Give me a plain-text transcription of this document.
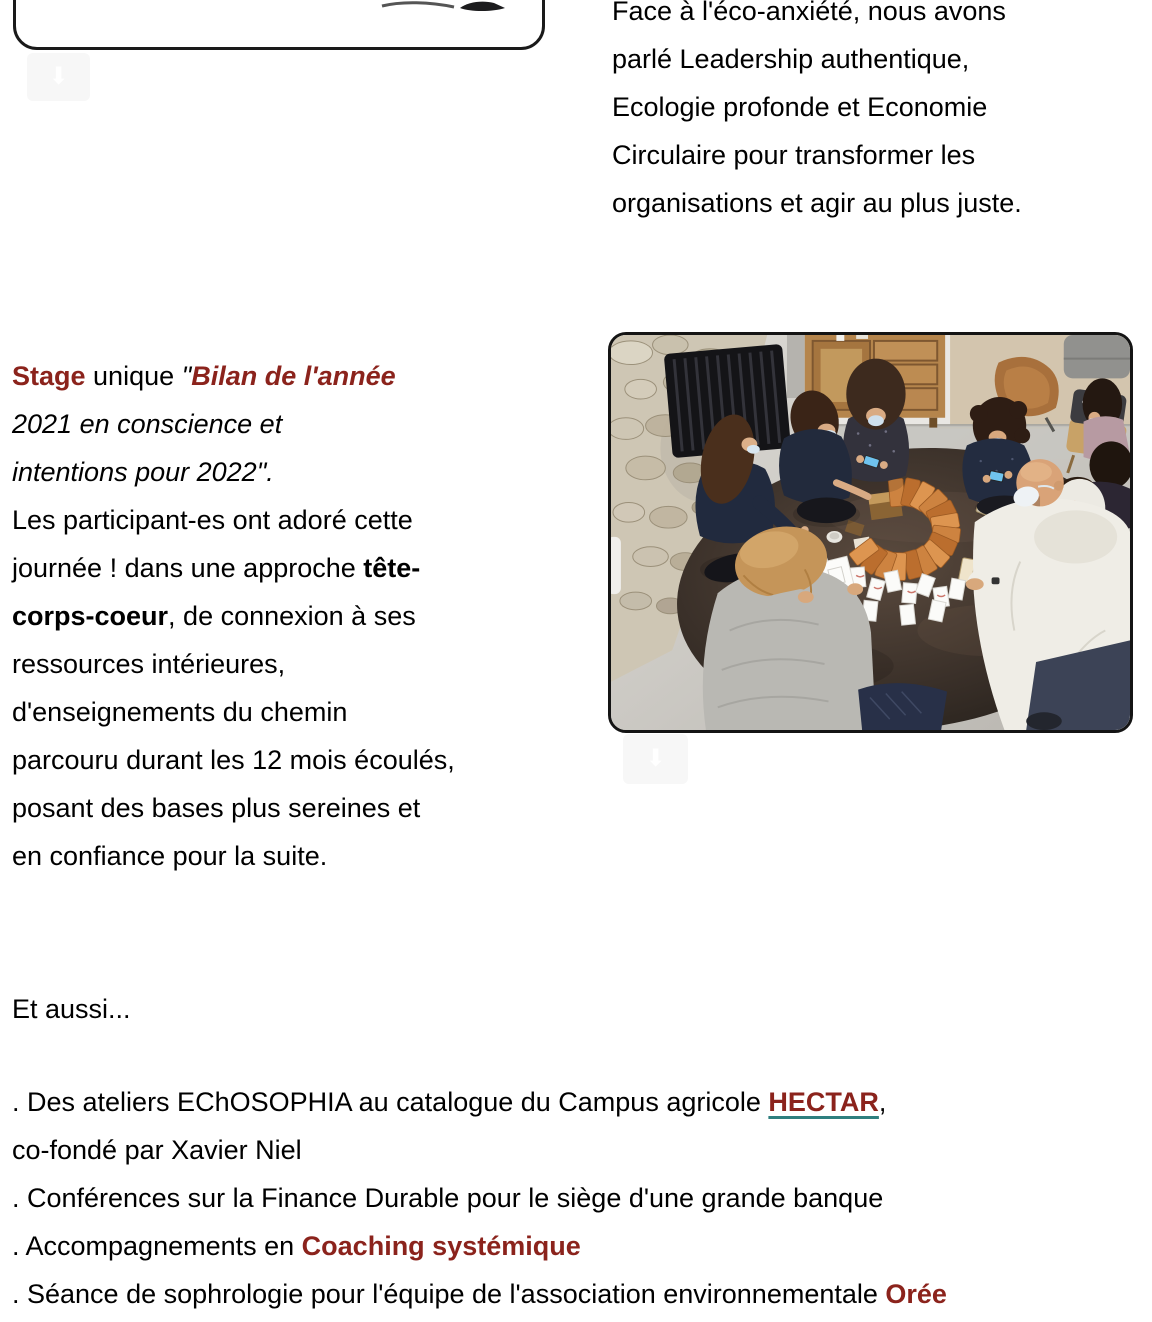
⬇
Face à l'éco-anxiété, nous avons
parlé Leadership authentique,
Ecologie profonde et Economie
Circulaire pour transformer les
organisations et agir au plus juste.
Stage unique "Bilan de l'année
2021 en conscience et
intentions pour 2022".
Les participant-es ont adoré cette
journée ! dans une approche tête-
corps-coeur, de connexion à ses
ressources intérieures,
d'enseignements du chemin
parcouru durant les 12 mois écoulés,
posant des bases plus sereines et
en confiance pour la suite.
⬇
Et aussi...
. Des ateliers EChOSOPHIA au catalogue du Campus agricole HECTAR,
co-fondé par Xavier Niel
. Conférences sur la Finance Durable pour le siège d'une grande banque
. Accompagnements en Coaching systémique
. Séance de sophrologie pour l'équipe de l'association environnementale Orée
